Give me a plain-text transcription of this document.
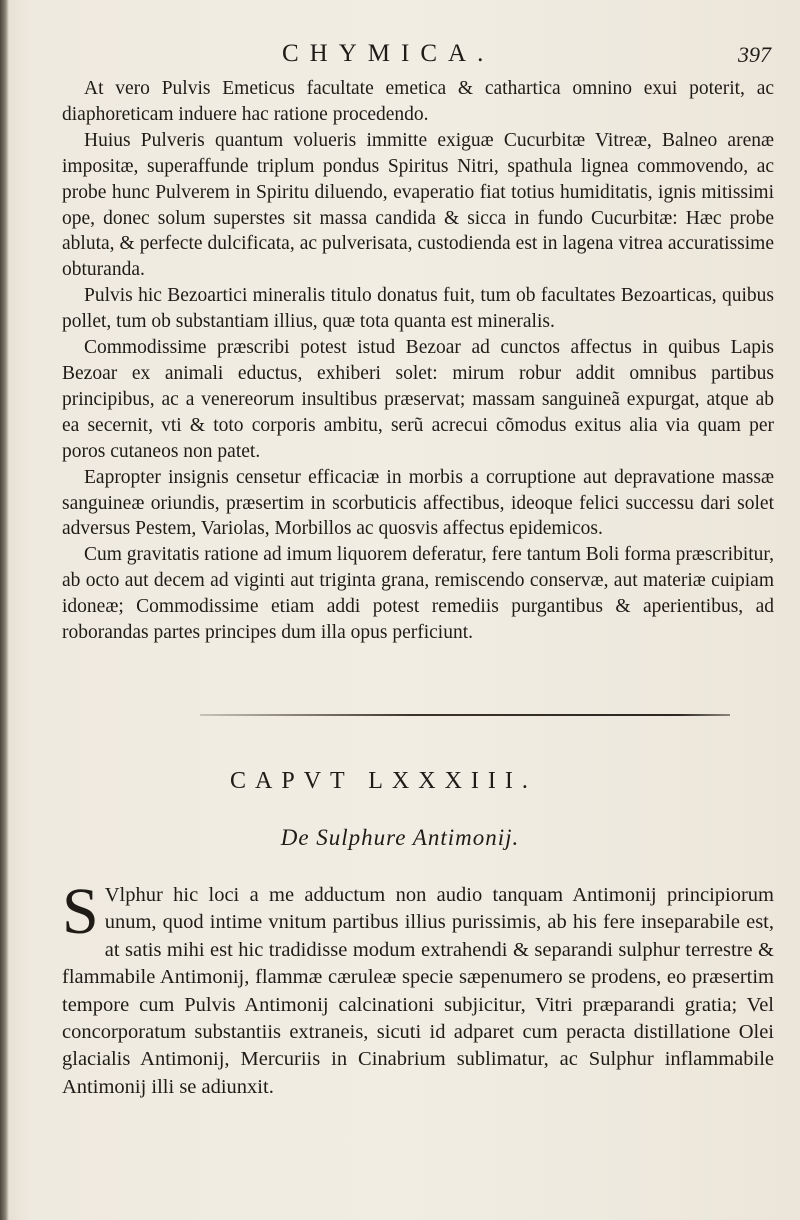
CHYMICA.	397

At vero Pulvis Emeticus facultate emetica & cathartica omnino exui poterit, ac diaphoreticam induere hac ratione procedendo.

Huius Pulveris quantum volueris immitte exiguæ Cucurbitæ Vitreæ, Balneo arenæ impositæ, superaffunde triplum pondus Spiritus Nitri, spathula lignea commovendo, ac probe hunc Pulverem in Spiritu diluendo, evaperatio fiat totius humiditatis, ignis mitissimi ope, donec solum superstes sit massa candida & sicca in fundo Cucurbitæ: Hæc probe abluta, & perfecte dulcificata, ac pulverisata, custodienda est in lagena vitrea accuratissime obturanda.

Pulvis hic Bezoartici mineralis titulo donatus fuit, tum ob facultates Bezoarticas, quibus pollet, tum ob substantiam illius, quæ tota quanta est mineralis.

Commodissime præscribi potest istud Bezoar ad cunctos affectus in quibus Lapis Bezoar ex animali eductus, exhiberi solet: mirum robur addit omnibus partibus principibus, ac a venereorum insultibus præservat; massam sanguineã expurgat, atque ab ea secernit, vti & toto corporis ambitu, serũ acrecui cõmodus exitus alia via quam per poros cutaneos non patet.

Eapropter insignis censetur efficaciæ in morbis a corruptione aut depravatione massæ sanguineæ oriundis, præsertim in scorbuticis affectibus, ideoque felici successu dari solet adversus Pestem, Variolas, Morbillos ac quosvis affectus epidemicos.

Cum gravitatis ratione ad imum liquorem deferatur, fere tantum Boli forma præscribitur, ab octo aut decem ad viginti aut triginta grana, remiscendo conservæ, aut materiæ cuipiam idoneæ; Commodissime etiam addi potest remediis purgantibus & aperientibus, ad roborandas partes principes dum illa opus perficiunt.

CAPVT LXXXIII.
De Sulphure Antimonij.

S Vlphur hic loci a me adductum non audio tanquam Antimonij principiorum unum, quod intime vnitum partibus illius purissimis, ab his fere inseparabile est, at satis mihi est hic tradidisse modum extrahendi & separandi sulphur terrestre & flammabile Antimonij, flammæ cæruleæ specie sæpenumero se prodens, eo præsertim tempore cum Pulvis Antimonij calcinationi subjicitur, Vitri præparandi gratia; Vel concorporatum substantiis extraneis, sicuti id adparet cum peracta distillatione Olei glacialis Antimonij, Mercuriis in Cinabrium sublimatur, ac Sulphur inflammabile Antimonij illi se adiunxit.
